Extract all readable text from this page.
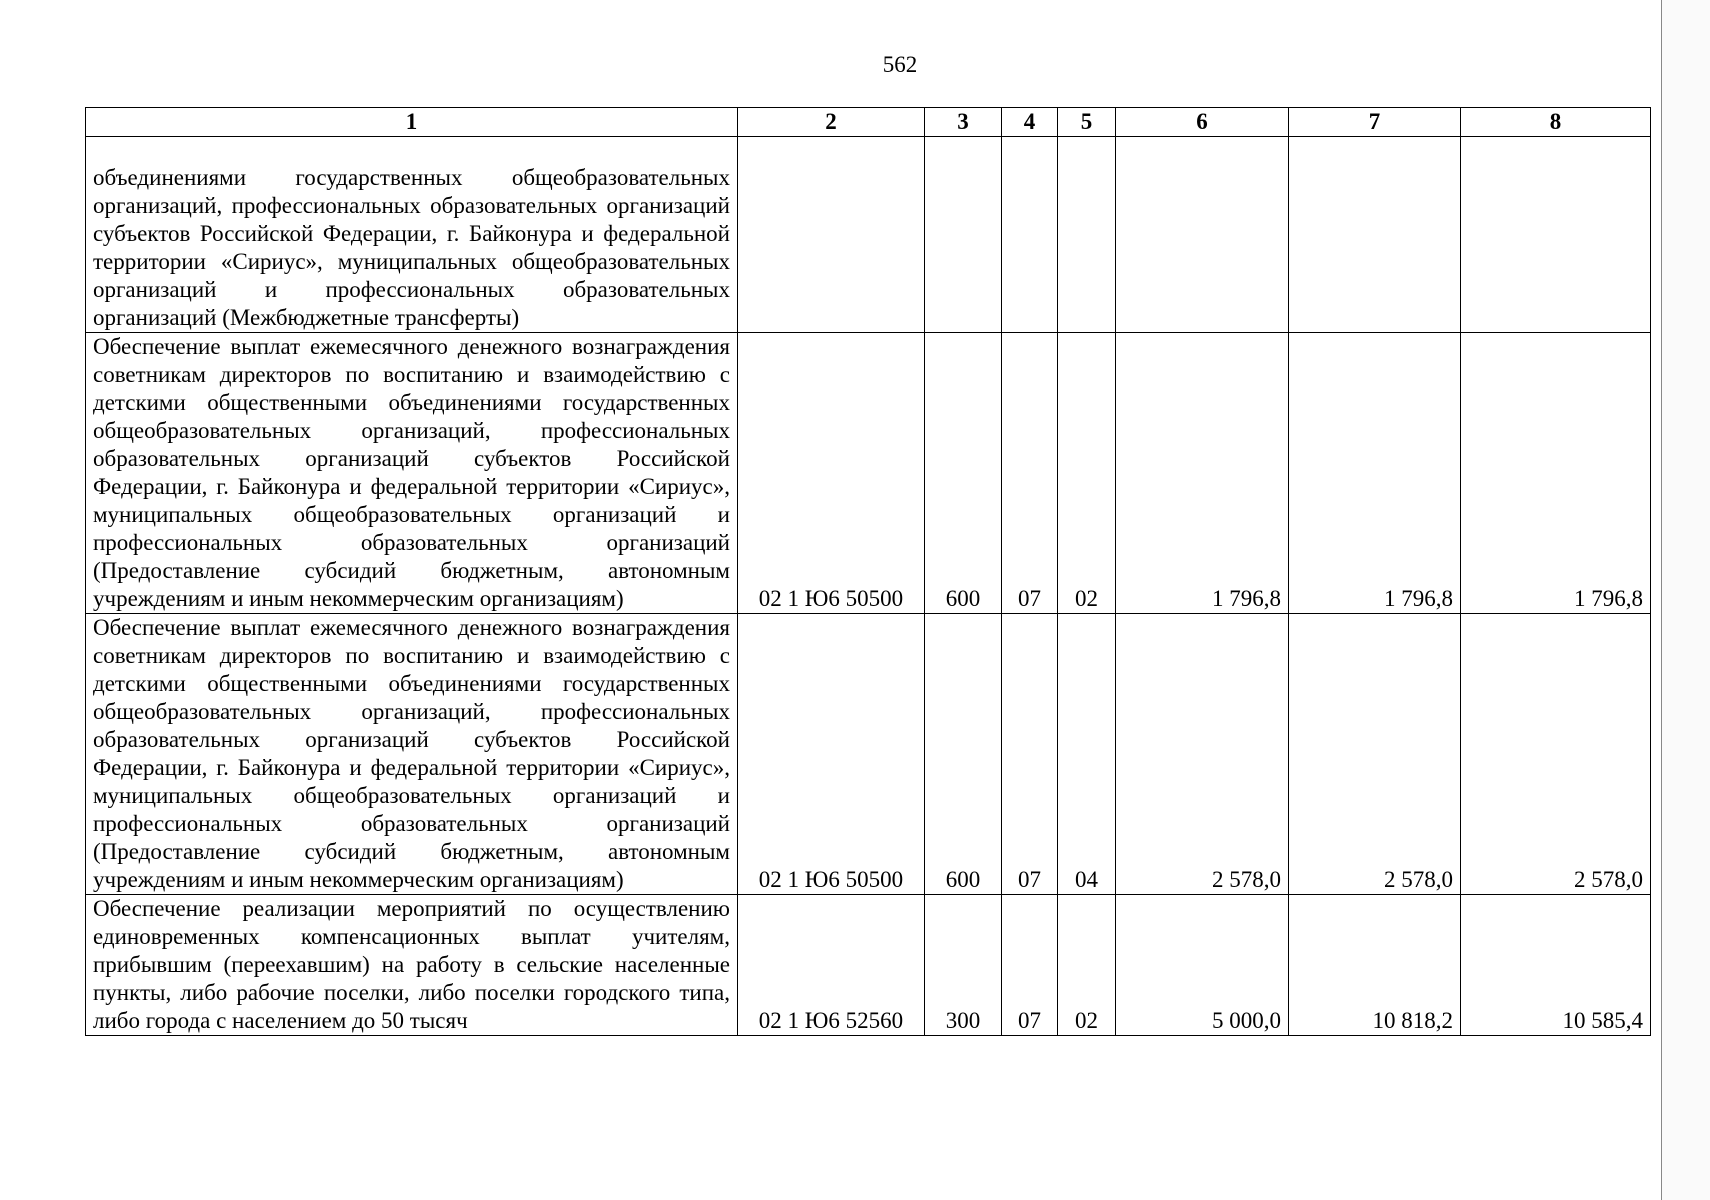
562
1	2	3	4	5	6	7	8
объединениями государственных общеобразовательных организаций, профессиональных образовательных организаций субъектов Российской Федерации, г. Байконура и федеральной территории «Сириус», муниципальных общеобразовательных организаций и профессиональных образовательных организаций (Межбюджетные трансферты)							
Обеспечение выплат ежемесячного денежного вознаграждения советникам директоров по воспитанию и взаимодействию с детскими общественными объединениями государственных общеобразовательных организаций, профессиональных образовательных организаций субъектов Российской Федерации, г. Байконура и федеральной территории «Сириус», муниципальных общеобразовательных организаций и профессиональных образовательных организаций (Предоставление субсидий бюджетным, автономным учреждениям и иным некоммерческим организациям)	02 1 Ю6 50500	600	07	02	1 796,8	1 796,8	1 796,8
Обеспечение выплат ежемесячного денежного вознаграждения советникам директоров по воспитанию и взаимодействию с детскими общественными объединениями государственных общеобразовательных организаций, профессиональных образовательных организаций субъектов Российской Федерации, г. Байконура и федеральной территории «Сириус», муниципальных общеобразовательных организаций и профессиональных образовательных организаций (Предоставление субсидий бюджетным, автономным учреждениям и иным некоммерческим организациям)	02 1 Ю6 50500	600	07	04	2 578,0	2 578,0	2 578,0
Обеспечение реализации мероприятий по осуществлению единовременных компенсационных выплат учителям, прибывшим (переехавшим) на работу в сельские населенные пункты, либо рабочие поселки, либо поселки городского типа, либо города с населением до 50 тысяч	02 1 Ю6 52560	300	07	02	5 000,0	10 818,2	10 585,4
